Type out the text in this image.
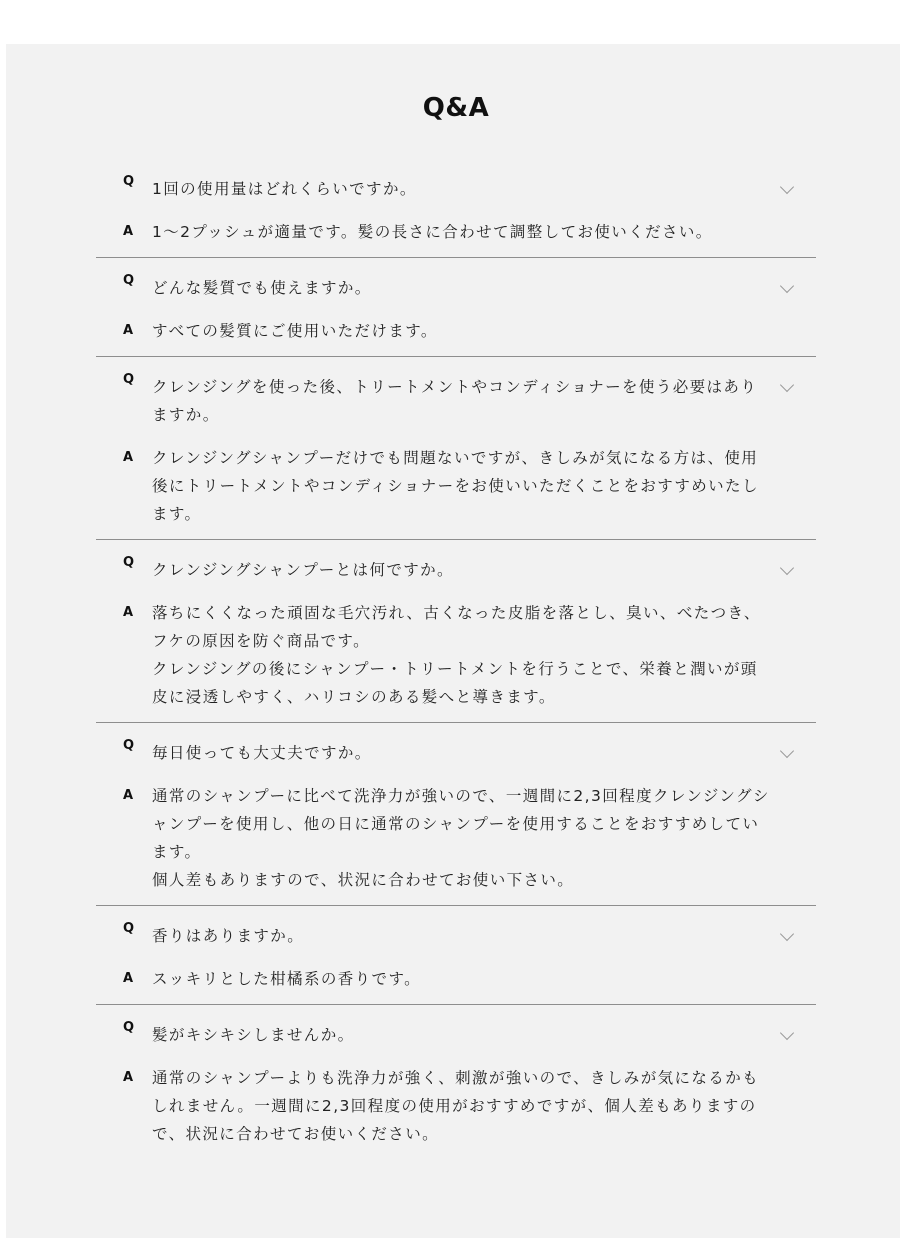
Q&A
Q	1回の使用量はどれくらいですか。
A	1〜2プッシュが適量です。髪の長さに合わせて調整してお使いください。
Q	どんな髪質でも使えますか。
A	すべての髪質にご使用いただけます。
Q	クレンジングを使った後、トリートメントやコンディショナーを使う必要はありますか。
A	クレンジングシャンプーだけでも問題ないですが、きしみが気になる方は、使用後にトリートメントやコンディショナーをお使いいただくことをおすすめいたします。
Q	クレンジングシャンプーとは何ですか。
A	落ちにくくなった頑固な毛穴汚れ、古くなった皮脂を落とし、臭い、べたつき、フケの原因を防ぐ商品です。
クレンジングの後にシャンプー・トリートメントを行うことで、栄養と潤いが頭皮に浸透しやすく、ハリコシのある髪へと導きます。
Q	毎日使っても大丈夫ですか。
A	通常のシャンプーに比べて洗浄力が強いので、一週間に2,3回程度クレンジングシャンプーを使用し、他の日に通常のシャンプーを使用することをおすすめしています。
個人差もありますので、状況に合わせてお使い下さい。
Q	香りはありますか。
A	スッキリとした柑橘系の香りです。
Q	髪がキシキシしませんか。
A	通常のシャンプーよりも洗浄力が強く、刺激が強いので、きしみが気になるかもしれません。一週間に2,3回程度の使用がおすすめですが、個人差もありますので、状況に合わせてお使いください。
